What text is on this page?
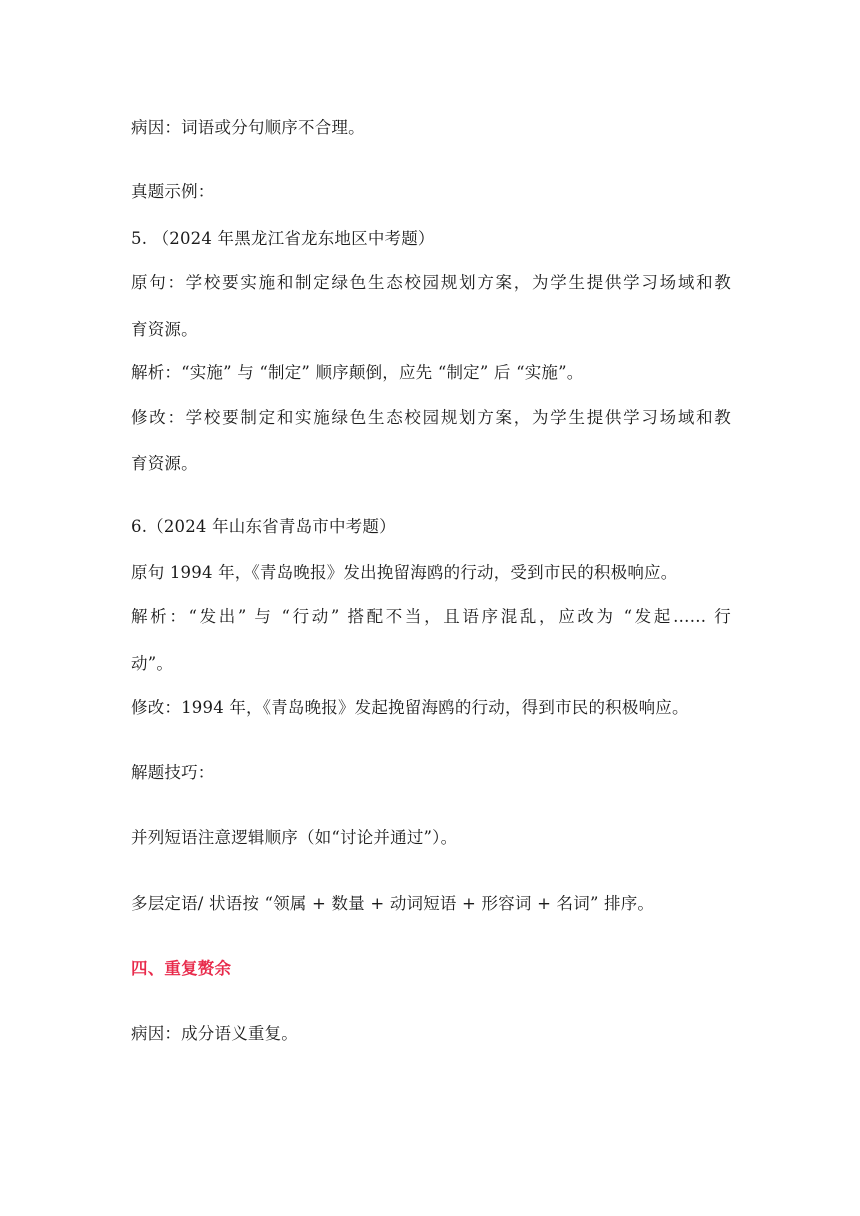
病因：词语或分句顺序不合理。
真题示例：
5. （2024 年黑龙江省龙东地区中考题）
原句：学校要实施和制定绿色生态校园规划方案，为学生提供学习场域和教
育资源。
解析：“实施” 与 “制定” 顺序颠倒，应先 “制定” 后 “实施”。
修改：学校要制定和实施绿色生态校园规划方案，为学生提供学习场域和教
育资源。
6.（2024 年山东省青岛市中考题）
原句 1994 年，《青岛晚报》发出挽留海鸥的行动，受到市民的积极响应。
解析：“发出” 与 “行动” 搭配不当，且语序混乱，应改为 “发起…… 行
动”。
修改：1994 年，《青岛晚报》发起挽留海鸥的行动，得到市民的积极响应。
解题技巧：
并列短语注意逻辑顺序（如“讨论并通过”）。
多层定语/ 状语按 “领属 + 数量 + 动词短语 + 形容词 + 名词” 排序。
四、重复赘余
病因：成分语义重复。
